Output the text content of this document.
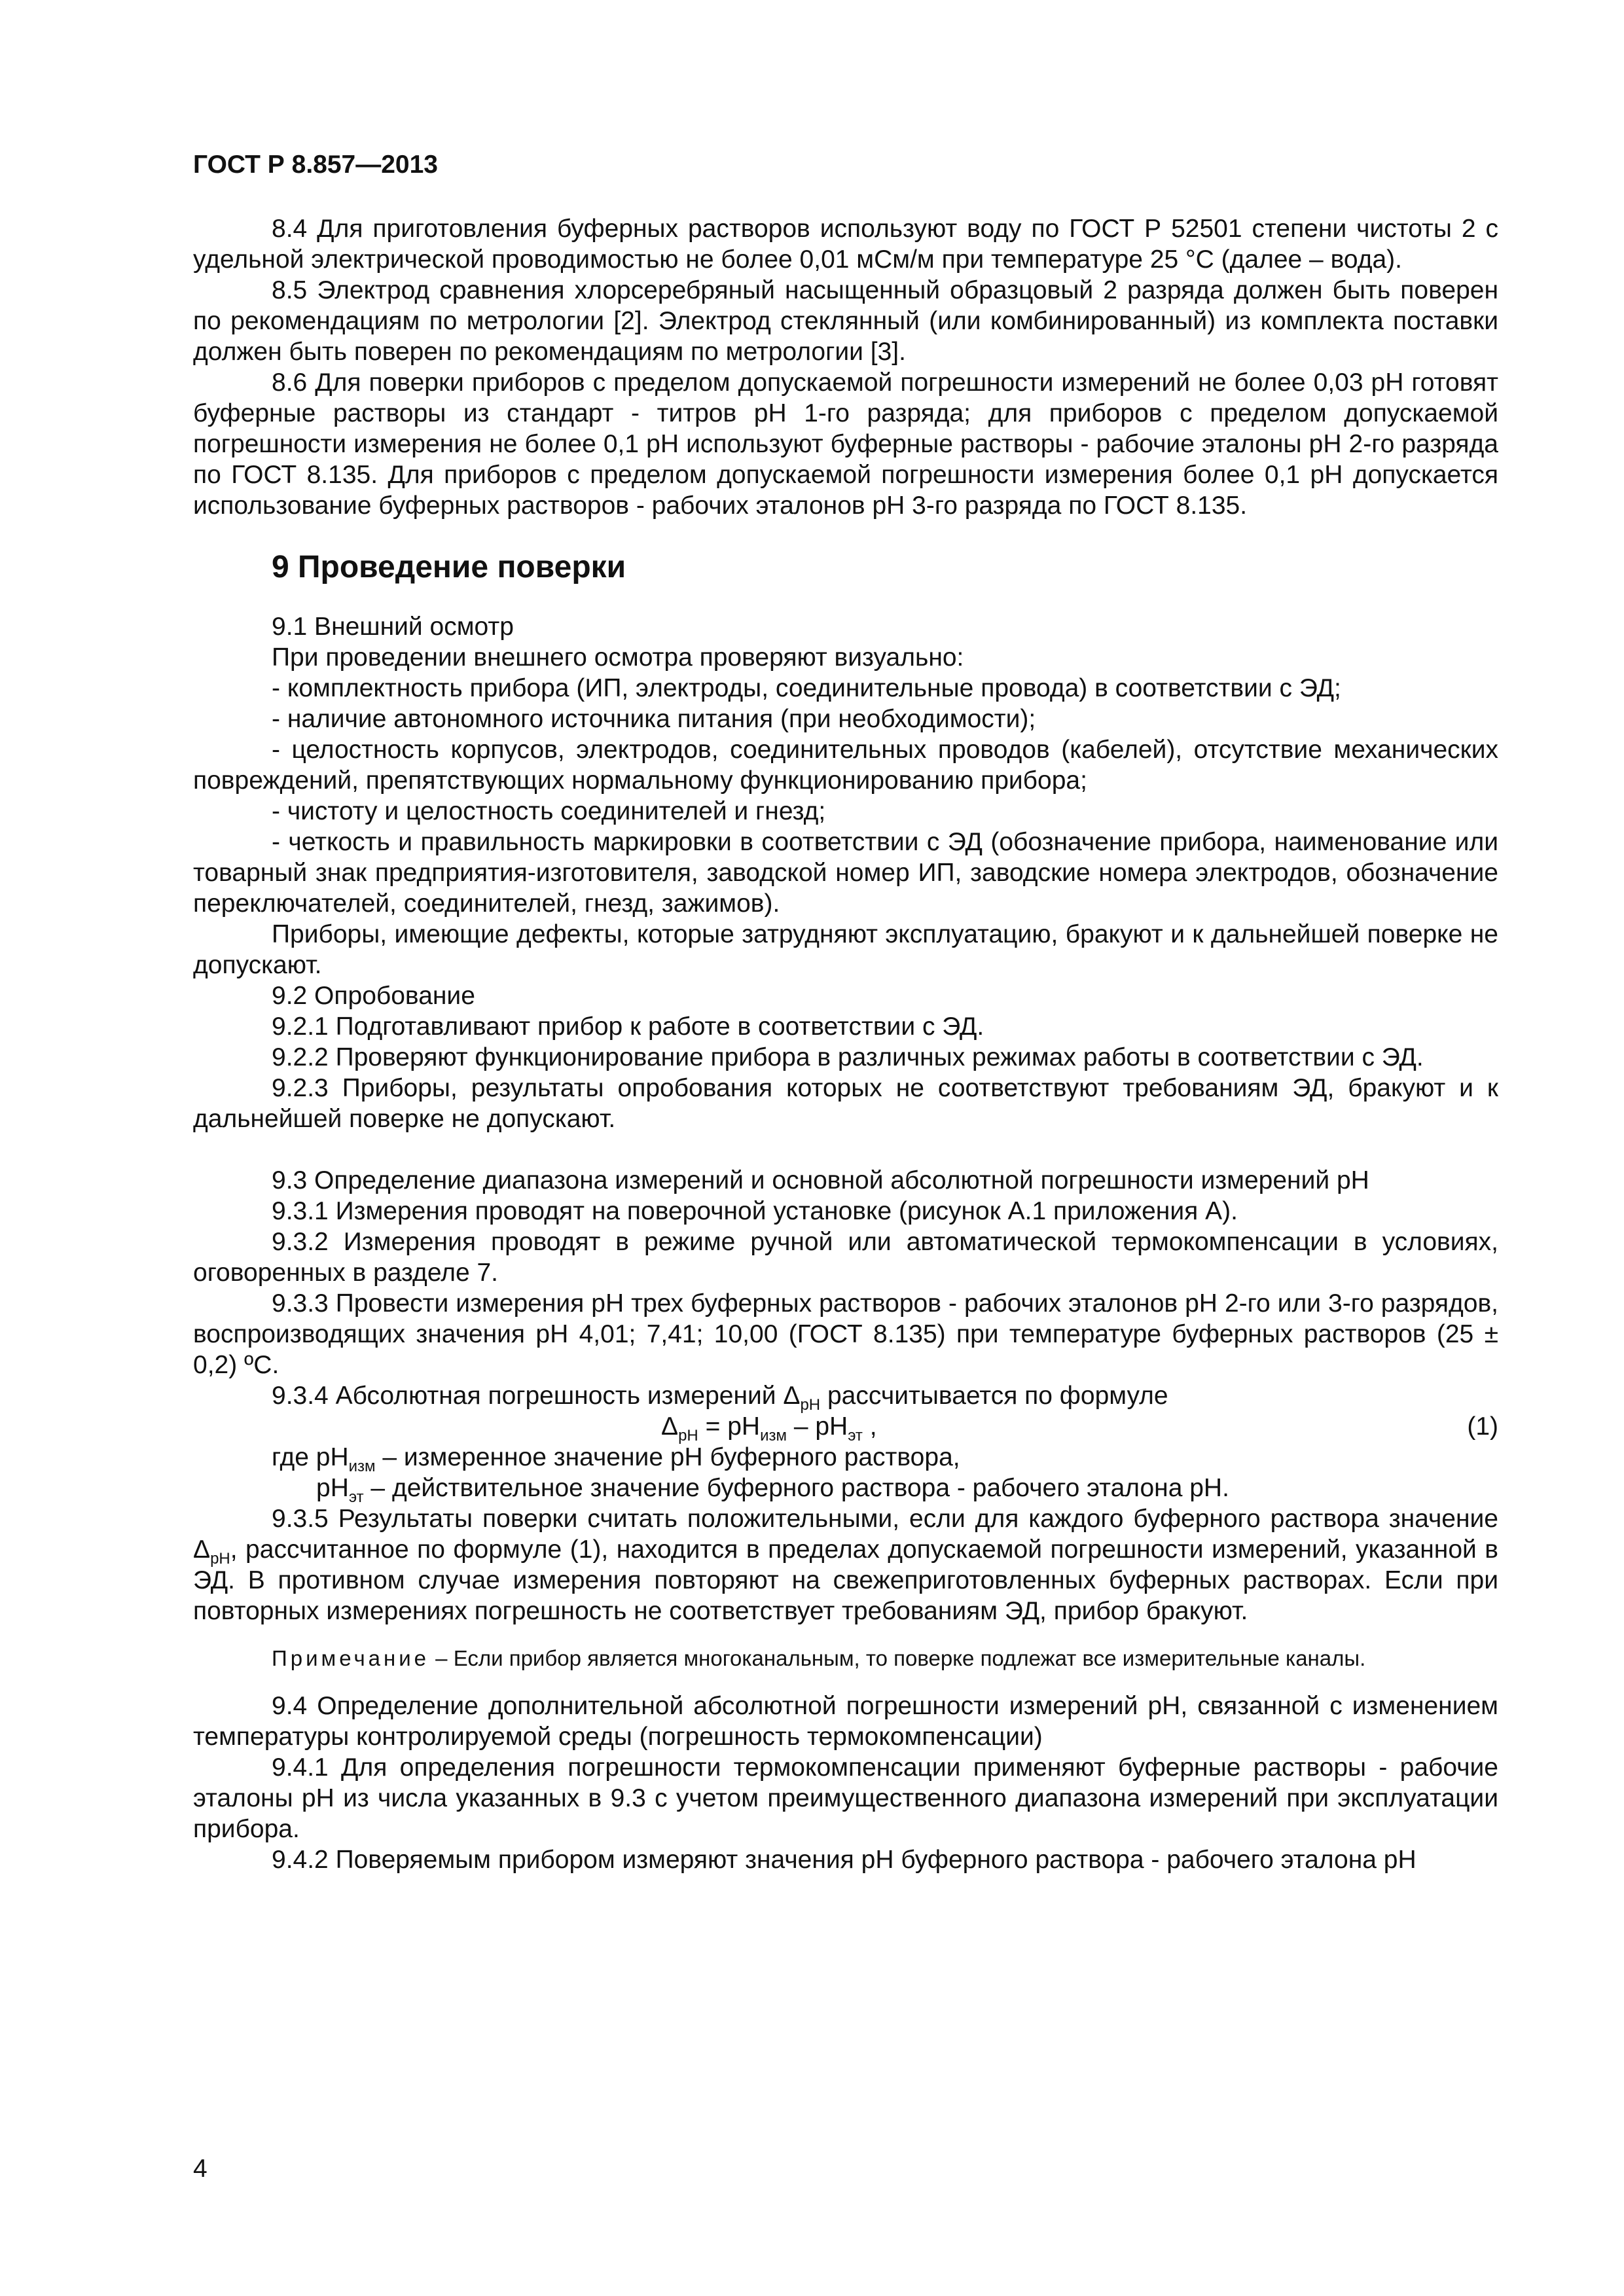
ГОСТ Р 8.857—2013

8.4 Для приготовления буферных растворов используют воду по ГОСТ Р 52501 степени чистоты 2 с удельной электрической проводимостью не более 0,01 мСм/м при температуре 25 °С (далее – вода).

8.5 Электрод сравнения хлорсеребряный насыщенный образцовый 2 разряда должен быть поверен по рекомендациям по метрологии [2]. Электрод стеклянный (или комбинированный) из комплекта поставки должен быть поверен по рекомендациям по метрологии [3].

8.6 Для поверки приборов с пределом допускаемой погрешности измерений не более 0,03 pH готовят буферные растворы из стандарт - титров pH 1-го разряда; для приборов с пределом допускаемой погрешности измерения не более 0,1 pH используют буферные растворы - рабочие эталоны pH 2-го разряда по ГОСТ 8.135. Для приборов с пределом допускаемой погрешности измерения более 0,1 pH допускается использование буферных растворов - рабочих эталонов pH 3-го разряда по ГОСТ 8.135.

9 Проведение поверки

9.1 Внешний осмотр

При проведении внешнего осмотра проверяют визуально:

- комплектность прибора (ИП, электроды, соединительные провода) в соответствии с ЭД;

- наличие автономного источника питания (при необходимости);

- целостность корпусов, электродов, соединительных проводов (кабелей), отсутствие механических повреждений, препятствующих нормальному функционированию прибора;

- чистоту и целостность соединителей и гнезд;

- четкость и правильность маркировки в соответствии с ЭД (обозначение прибора, наименование или товарный знак предприятия-изготовителя, заводской номер ИП, заводские номера электродов, обозначение переключателей, соединителей, гнезд, зажимов).

Приборы, имеющие дефекты, которые затрудняют эксплуатацию, бракуют и к дальнейшей поверке не допускают.

9.2 Опробование

9.2.1 Подготавливают прибор к работе в соответствии с ЭД.

9.2.2 Проверяют функционирование прибора в различных режимах работы в соответствии с ЭД.

9.2.3 Приборы, результаты опробования которых не соответствуют требованиям ЭД, бракуют и к дальнейшей поверке не допускают.

9.3 Определение диапазона измерений и основной абсолютной погрешности измерений pH

9.3.1 Измерения проводят на поверочной установке (рисунок А.1 приложения А).

9.3.2 Измерения проводят в режиме ручной или автоматической термокомпенсации в условиях, оговоренных в разделе 7.

9.3.3 Провести измерения pH трех буферных растворов - рабочих эталонов pH 2-го или 3-го разрядов, воспроизводящих значения pH 4,01; 7,41; 10,00 (ГОСТ 8.135) при температуре буферных растворов (25 ± 0,2) ºС.

9.3.4 Абсолютная погрешность измерений $\Delta_{pH}$ рассчитывается по формуле

$\Delta_{pH} = pH_{изм} - pH_{эт}$ ,	(1)

где $pH_{изм}$ – измеренное значение pH буферного раствора,

$pH_{эт}$ – действительное значение буферного раствора - рабочего эталона pH.

9.3.5 Результаты поверки считать положительными, если для каждого буферного раствора значение $\Delta_{pH}$, рассчитанное по формуле (1), находится в пределах допускаемой погрешности измерений, указанной в ЭД. В противном случае измерения повторяют на свежеприготовленных буферных растворах. Если при повторных измерениях погрешность не соответствует требованиям ЭД, прибор бракуют.

Примечание – Если прибор является многоканальным, то поверке подлежат все измерительные каналы.

9.4 Определение дополнительной абсолютной погрешности измерений pH, связанной с изменением температуры контролируемой среды (погрешность термокомпенсации)

9.4.1 Для определения погрешности термокомпенсации применяют буферные растворы - рабочие эталоны pH из числа указанных в 9.3 с учетом преимущественного диапазона измерений при эксплуатации прибора.

9.4.2 Поверяемым прибором измеряют значения pH буферного раствора - рабочего эталона pH

4
